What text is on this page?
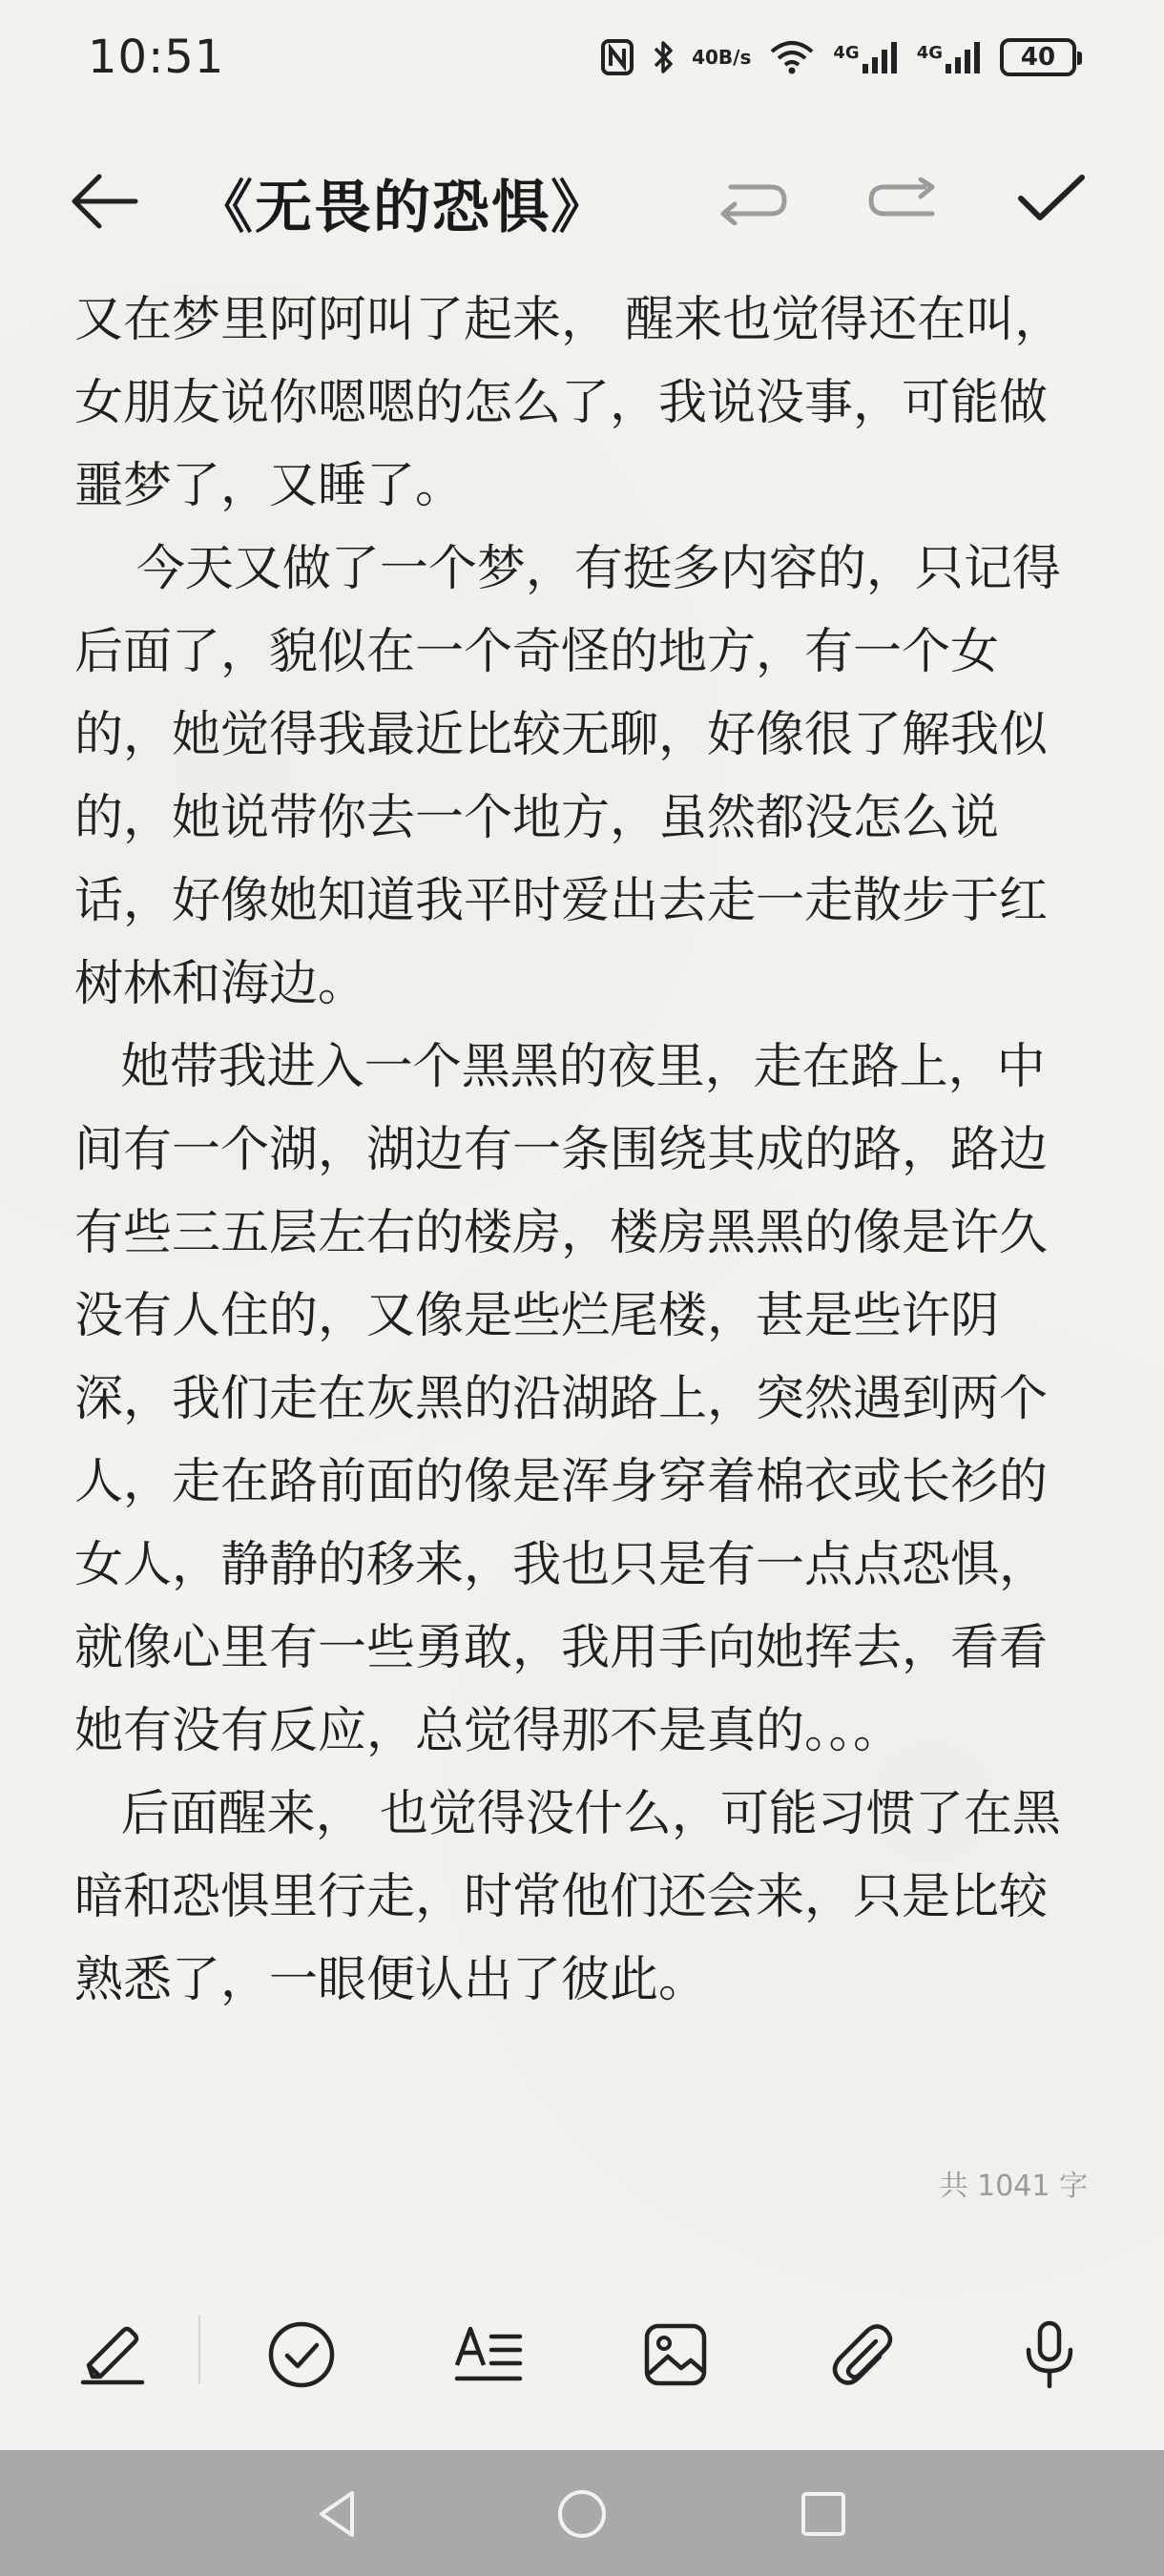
10:51	40 B/s	4G	4G	40
《无畏的恐惧》

又在梦里阿阿叫了起来， 醒来也觉得还在叫，女朋友说你嗯嗯的怎么了，我说没事，可能做噩梦了，又睡了。

今天又做了一个梦，有挺多内容的，只记得后面了，貌似在一个奇怪的地方，有一个女的，她觉得我最近比较无聊，好像很了解我似的，她说带你去一个地方，虽然都没怎么说话，好像她知道我平时爱出去走一走散步于红树林和海边。

她带我进入一个黑黑的夜里，走在路上，中间有一个湖，湖边有一条围绕其成的路，路边有些三五层左右的楼房，楼房黑黑的像是许久没有人住的，又像是些烂尾楼，甚是些许阴深，我们走在灰黑的沿湖路上，突然遇到两个人，走在路前面的像是浑身穿着棉衣或长衫的女人，静静的移来，我也只是有一点点恐惧，就像心里有一些勇敢，我用手向她挥去，看看她有没有反应，总觉得那不是真的。。。

后面醒来， 也觉得没什么，可能习惯了在黑暗和恐惧里行走，时常他们还会来，只是比较熟悉了，一眼便认出了彼此。

共 1041 字
